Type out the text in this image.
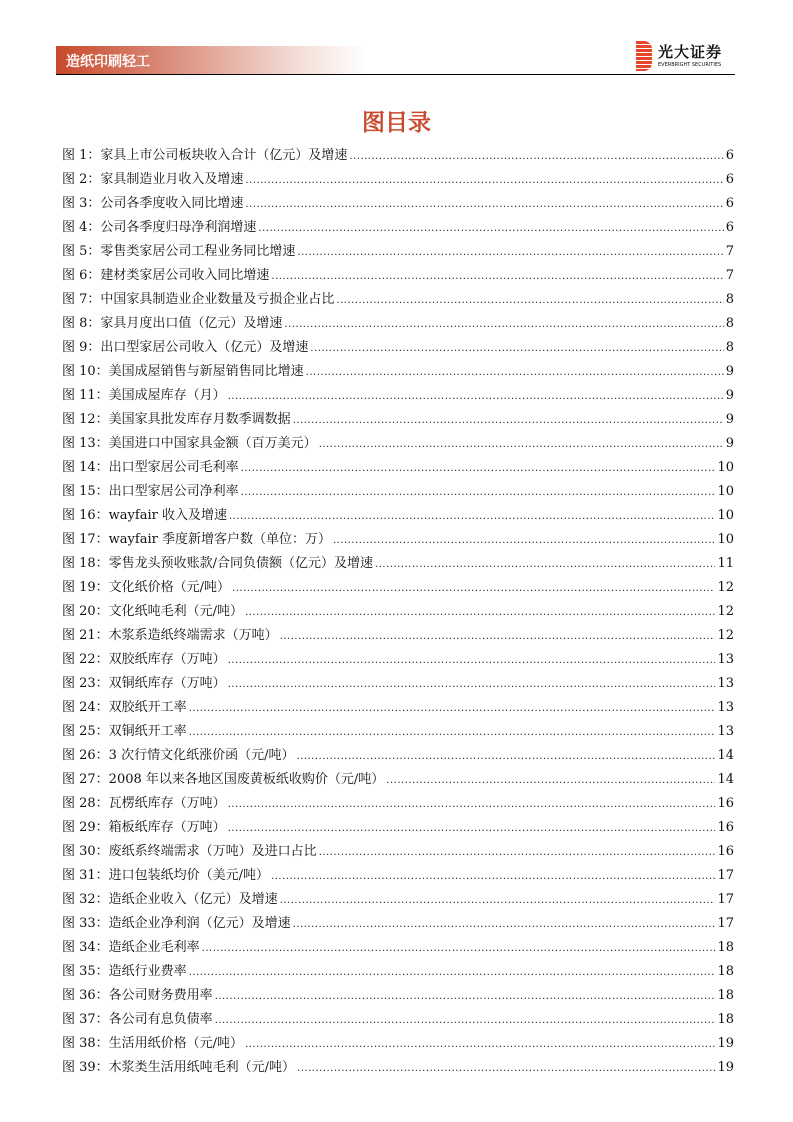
造纸印刷轻工
光大证券
EVERBRIGHT SECURITIES
图目录
图 1：家具上市公司板块收入合计（亿元）及增速 .....	6
图 2：家具制造业月收入及增速 .....	6
图 3：公司各季度收入同比增速 .....	6
图 4：公司各季度归母净利润增速 .....	6
图 5：零售类家居公司工程业务同比增速 .....	7
图 6：建材类家居公司收入同比增速 .....	7
图 7：中国家具制造业企业数量及亏损企业占比 .....	8
图 8：家具月度出口值（亿元）及增速 .....	8
图 9：出口型家居公司收入（亿元）及增速 .....	8
图 10：美国成屋销售与新屋销售同比增速 .....	9
图 11：美国成屋库存（月） .....	9
图 12：美国家具批发库存月数季调数据 .....	9
图 13：美国进口中国家具金额（百万美元） .....	9
图 14：出口型家居公司毛利率 .....	10
图 15：出口型家居公司净利率 .....	10
图 16：wayfair 收入及增速 .....	10
图 17：wayfair 季度新增客户数（单位：万） .....	10
图 18：零售龙头预收账款/合同负债额（亿元）及增速 .....	11
图 19：文化纸价格（元/吨） .....	12
图 20：文化纸吨毛利（元/吨） .....	12
图 21：木浆系造纸终端需求（万吨） .....	12
图 22：双胶纸库存（万吨） .....	13
图 23：双铜纸库存（万吨） .....	13
图 24：双胶纸开工率 .....	13
图 25：双铜纸开工率 .....	13
图 26：3 次行情文化纸涨价函（元/吨） .....	14
图 27：2008 年以来各地区国废黄板纸收购价（元/吨） .....	14
图 28：瓦楞纸库存（万吨） .....	16
图 29：箱板纸库存（万吨） .....	16
图 30：废纸系终端需求（万吨）及进口占比 .....	16
图 31：进口包装纸均价（美元/吨） .....	17
图 32：造纸企业收入（亿元）及增速 .....	17
图 33：造纸企业净利润（亿元）及增速 .....	17
图 34：造纸企业毛利率 .....	18
图 35：造纸行业费率 .....	18
图 36：各公司财务费用率 .....	18
图 37：各公司有息负债率 .....	18
图 38：生活用纸价格（元/吨） .....	19
图 39：木浆类生活用纸吨毛利（元/吨） .....	19
